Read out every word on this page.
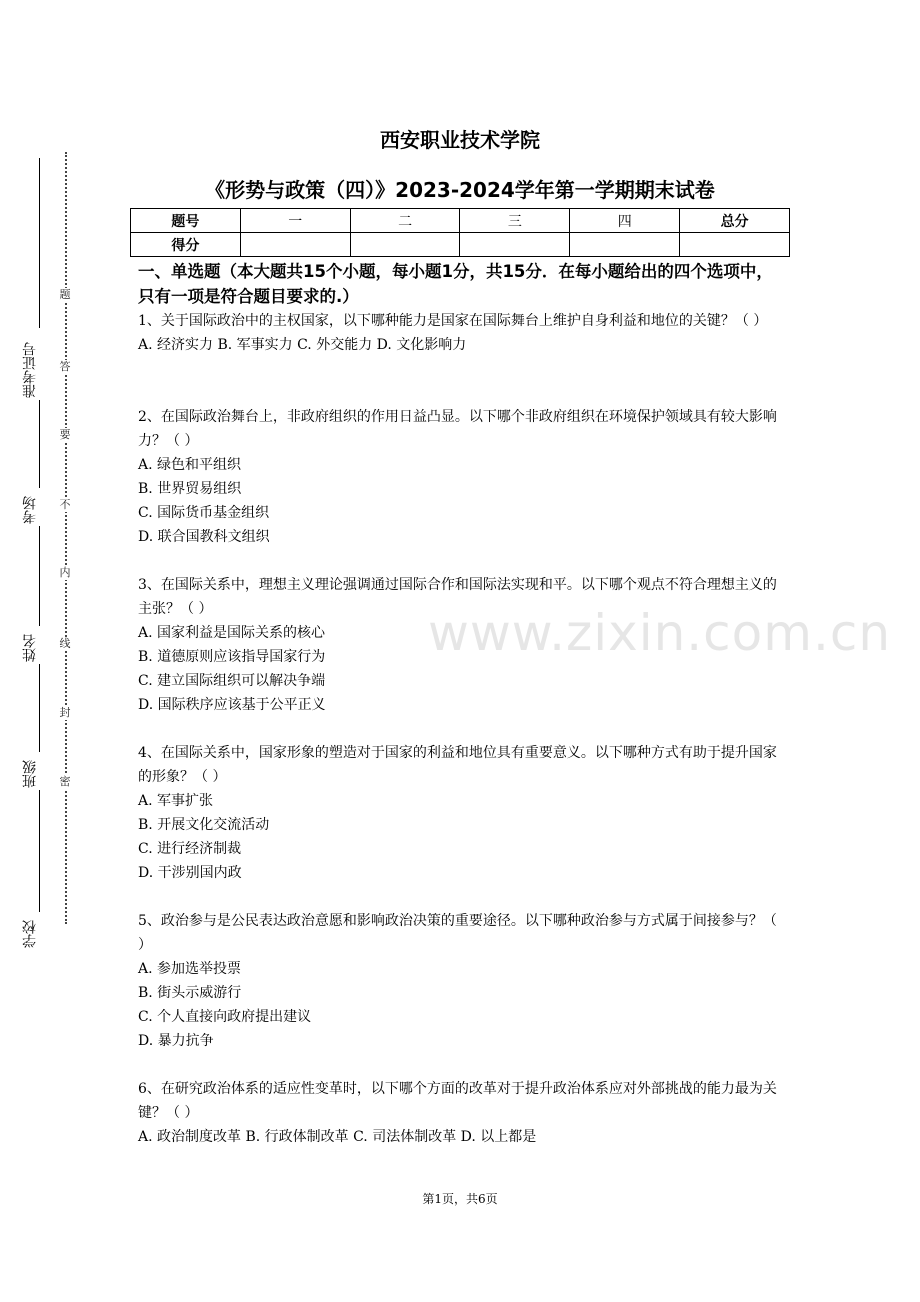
题
答
要
不
内
线
封
密
准考证号
考场
姓名
班级
学校
西安职业技术学院
《形势与政策（四）》2023-2024学年第一学期期末试卷
题号	一	二	三	四	总分
得分					
一、单选题（本大题共15个小题，每小题1分，共15分．在每小题给出的四个选项中，只有一项是符合题目要求的.）

1、关于国际政治中的主权国家，以下哪种能力是国家在国际舞台上维护自身利益和地位的关键？（ ）

A. 经济实力 B. 军事实力 C. 外交能力 D. 文化影响力

2、在国际政治舞台上，非政府组织的作用日益凸显。以下哪个非政府组织在环境保护领域具有较大影响力？（ ）

A. 绿色和平组织

B. 世界贸易组织

C. 国际货币基金组织

D. 联合国教科文组织

3、在国际关系中，理想主义理论强调通过国际合作和国际法实现和平。以下哪个观点不符合理想主义的主张？（ ）

A. 国家利益是国际关系的核心

B. 道德原则应该指导国家行为

C. 建立国际组织可以解决争端

D. 国际秩序应该基于公平正义

4、在国际关系中，国家形象的塑造对于国家的利益和地位具有重要意义。以下哪种方式有助于提升国家的形象？（ ）

A. 军事扩张

B. 开展文化交流活动

C. 进行经济制裁

D. 干涉别国内政

5、政治参与是公民表达政治意愿和影响政治决策的重要途径。以下哪种政治参与方式属于间接参与？（ ）

A. 参加选举投票

B. 街头示威游行

C. 个人直接向政府提出建议

D. 暴力抗争

6、在研究政治体系的适应性变革时，以下哪个方面的改革对于提升政治体系应对外部挑战的能力最为关键？（ ）

A. 政治制度改革 B. 行政体制改革 C. 司法体制改革 D. 以上都是

www.zixin.com.cn
第1页，共6页
